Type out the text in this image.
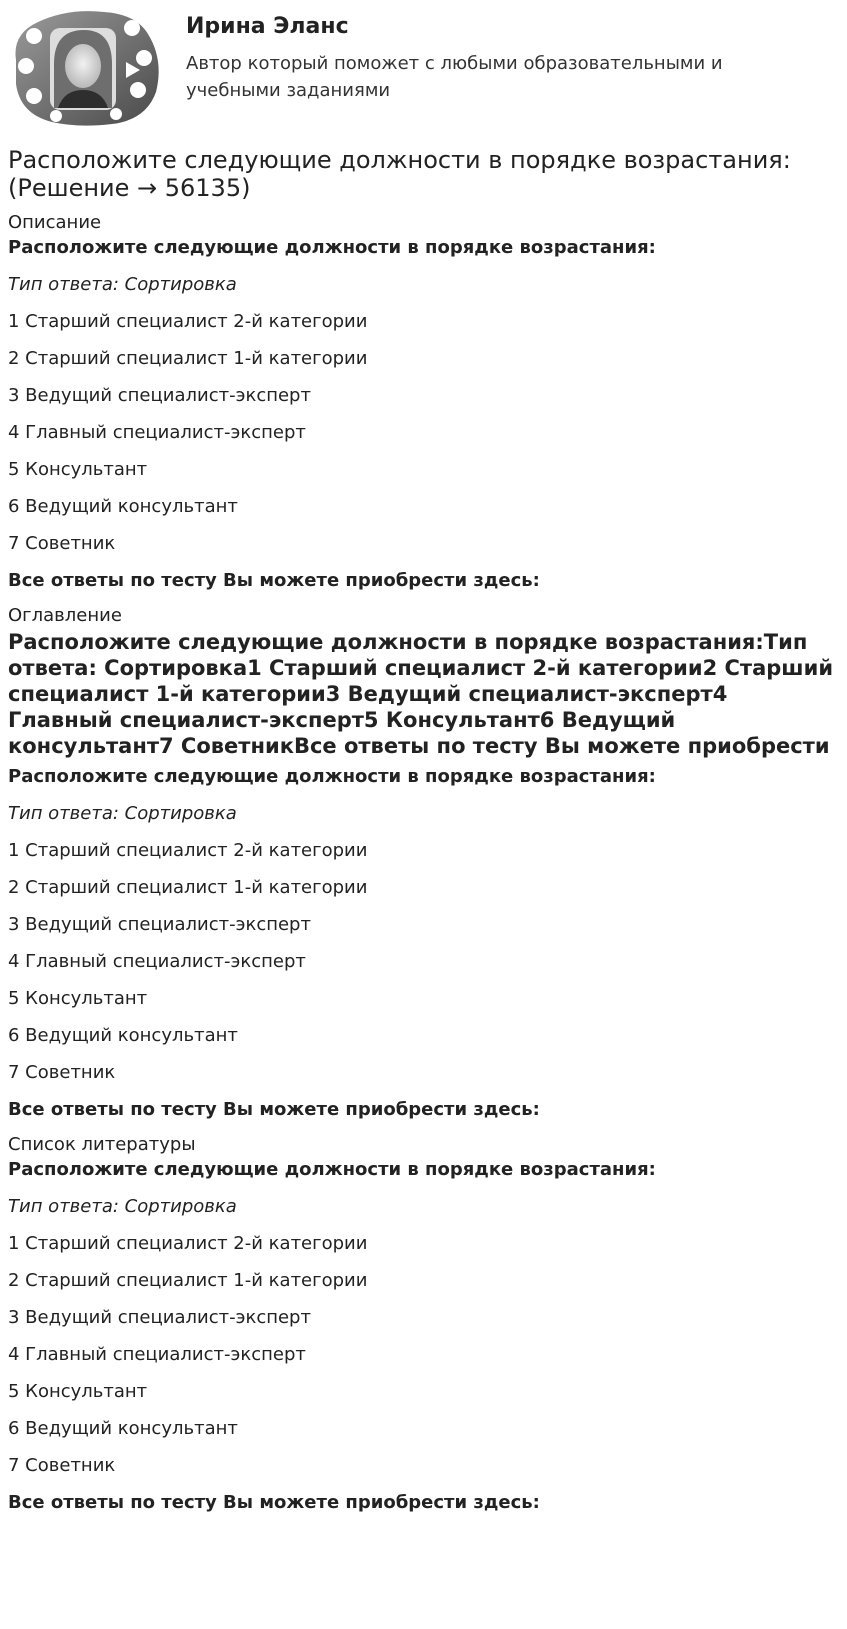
Ирина Эланс
Автор который поможет с любыми образовательными и учебными заданиями
Расположите следующие должности в порядке возрастания: (Решение → 56135)
Описание

Расположите следующие должности в порядке возрастания:

Тип ответа: Сортировка

1 Старший специалист 2-й категории

2 Старший специалист 1-й категории

3 Ведущий специалист-эксперт

4 Главный специалист-эксперт

5 Консультант

6 Ведущий консультант

7 Советник

Все ответы по тесту Вы можете приобрести здесь:

Оглавление
Расположите следующие должности в порядке возрастания:Тип ответа: Сортировка1 Старший специалист 2-й категории2 Старший специалист 1-й категории3 Ведущий специалист-эксперт4 Главный специалист-эксперт5 Консультант6 Ведущий консультант7 СоветникВсе ответы по тесту Вы можете приобрести

Расположите следующие должности в порядке возрастания:

Тип ответа: Сортировка

1 Старший специалист 2-й категории

2 Старший специалист 1-й категории

3 Ведущий специалист-эксперт

4 Главный специалист-эксперт

5 Консультант

6 Ведущий консультант

7 Советник

Все ответы по тесту Вы можете приобрести здесь:

Список литературы

Расположите следующие должности в порядке возрастания:

Тип ответа: Сортировка

1 Старший специалист 2-й категории

2 Старший специалист 1-й категории

3 Ведущий специалист-эксперт

4 Главный специалист-эксперт

5 Консультант

6 Ведущий консультант

7 Советник

Все ответы по тесту Вы можете приобрести здесь:
